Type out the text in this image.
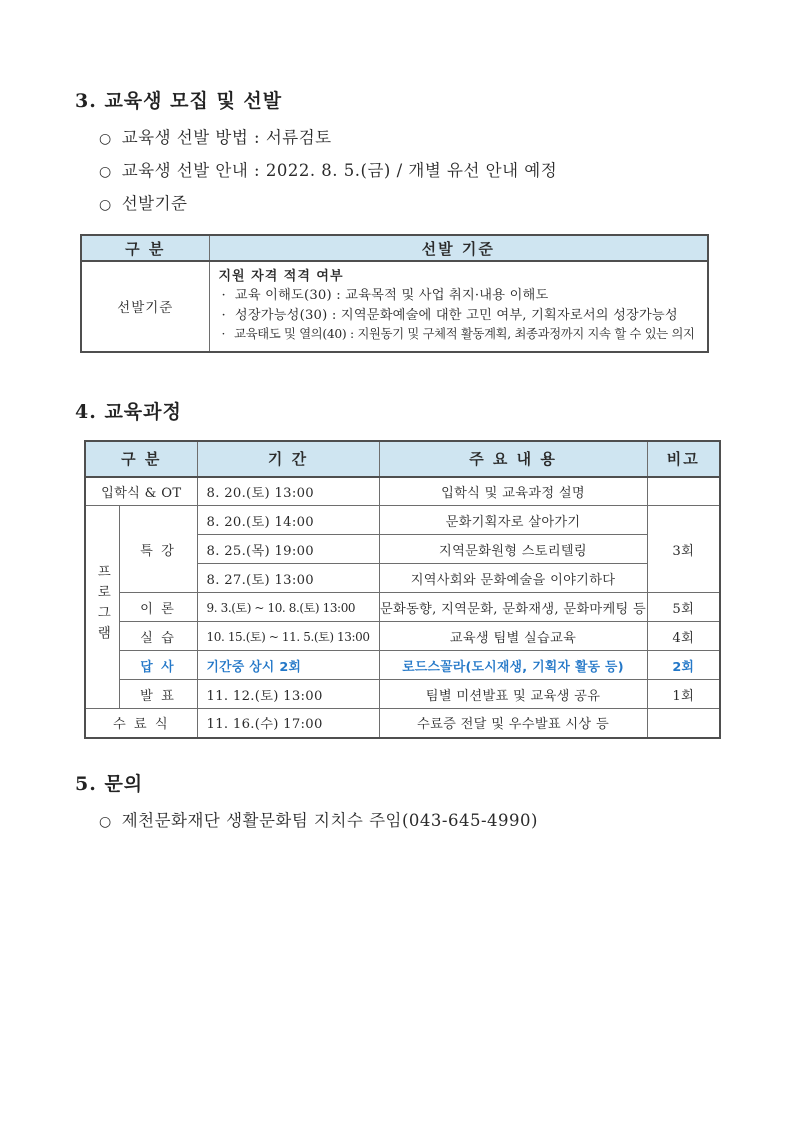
3. 교육생 모집 및 선발
○ 교육생 선발 방법 : 서류검토
○ 교육생 선발 안내 : 2022. 8. 5.(금) / 개별 유선 안내 예정
○ 선발기준
구 분	선발 기준
선발기준	
지원 자격 적격 여부
· 교육 이해도(30) : 교육목적 및 사업 취지·내용 이해도
· 성장가능성(30) : 지역문화예술에 대한 고민 여부, 기획자로서의 성장가능성
· 교육태도 및 열의(40) : 지원동기 및 구체적 활동계획, 최종과정까지 지속 할 수 있는 의지
4. 교육과정
구 분		기 간	주 요 내 용	비고
입학식 & OT		8. 20.(토) 13:00	입학식 및 교육과정 설명	
프로그램	특 강	8. 20.(토) 14:00	문화기획자로 살아가기	3회
		8. 25.(목) 19:00	지역문화원형 스토리텔링	
		8. 27.(토) 13:00	지역사회와 문화예술을 이야기하다	
	이 론	9. 3.(토) ~ 10. 8.(토) 13:00	문화동향, 지역문화, 문화재생, 문화마케팅 등	5회
	실 습	10. 15.(토) ~ 11. 5.(토) 13:00	교육생 팀별 실습교육	4회
	답 사	기간중 상시 2회	로드스꼴라(도시재생, 기획자 활동 등)	2회
	발 표	11. 12.(토) 13:00	팀별 미션발표 및 교육생 공유	1회
수 료 식		11. 16.(수) 17:00	수료증 전달 및 우수발표 시상 등	
5. 문의
○ 제천문화재단 생활문화팀 지치수 주임(043-645-4990)
